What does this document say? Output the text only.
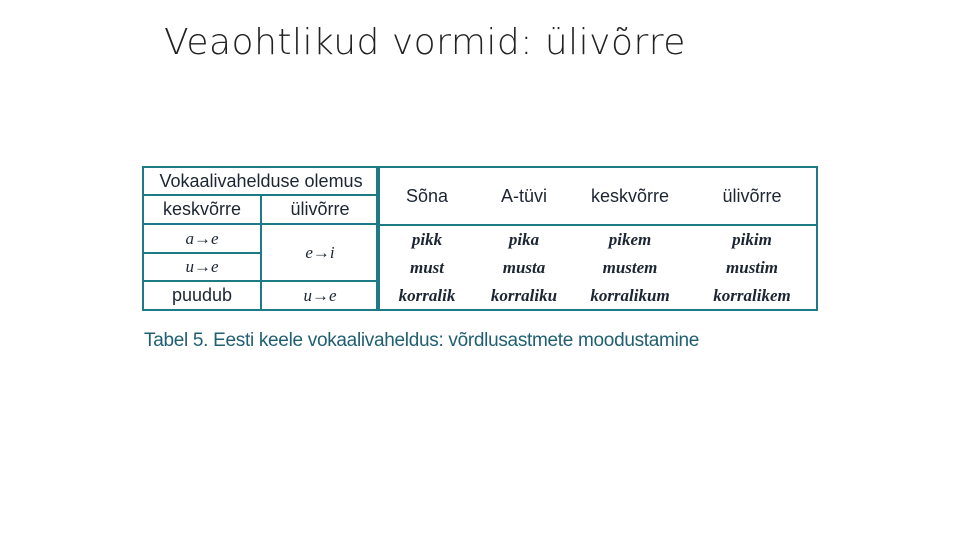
Veaohtlikud vormid: ülivõrre
Vokaalivahelduse olemus	
keskvõrre	ülivõrre
a→e	e→i
u→e	
puudub	u→e
Sõna	A-tüvi	keskvõrre	ülivõrre
pikk	pika	pikem	pikim
must	musta	mustem	mustim
korralik	korraliku	korralikum	korralikem
Tabel 5. Eesti keele vokaalivaheldus: võrdlusastmete moodustamine
